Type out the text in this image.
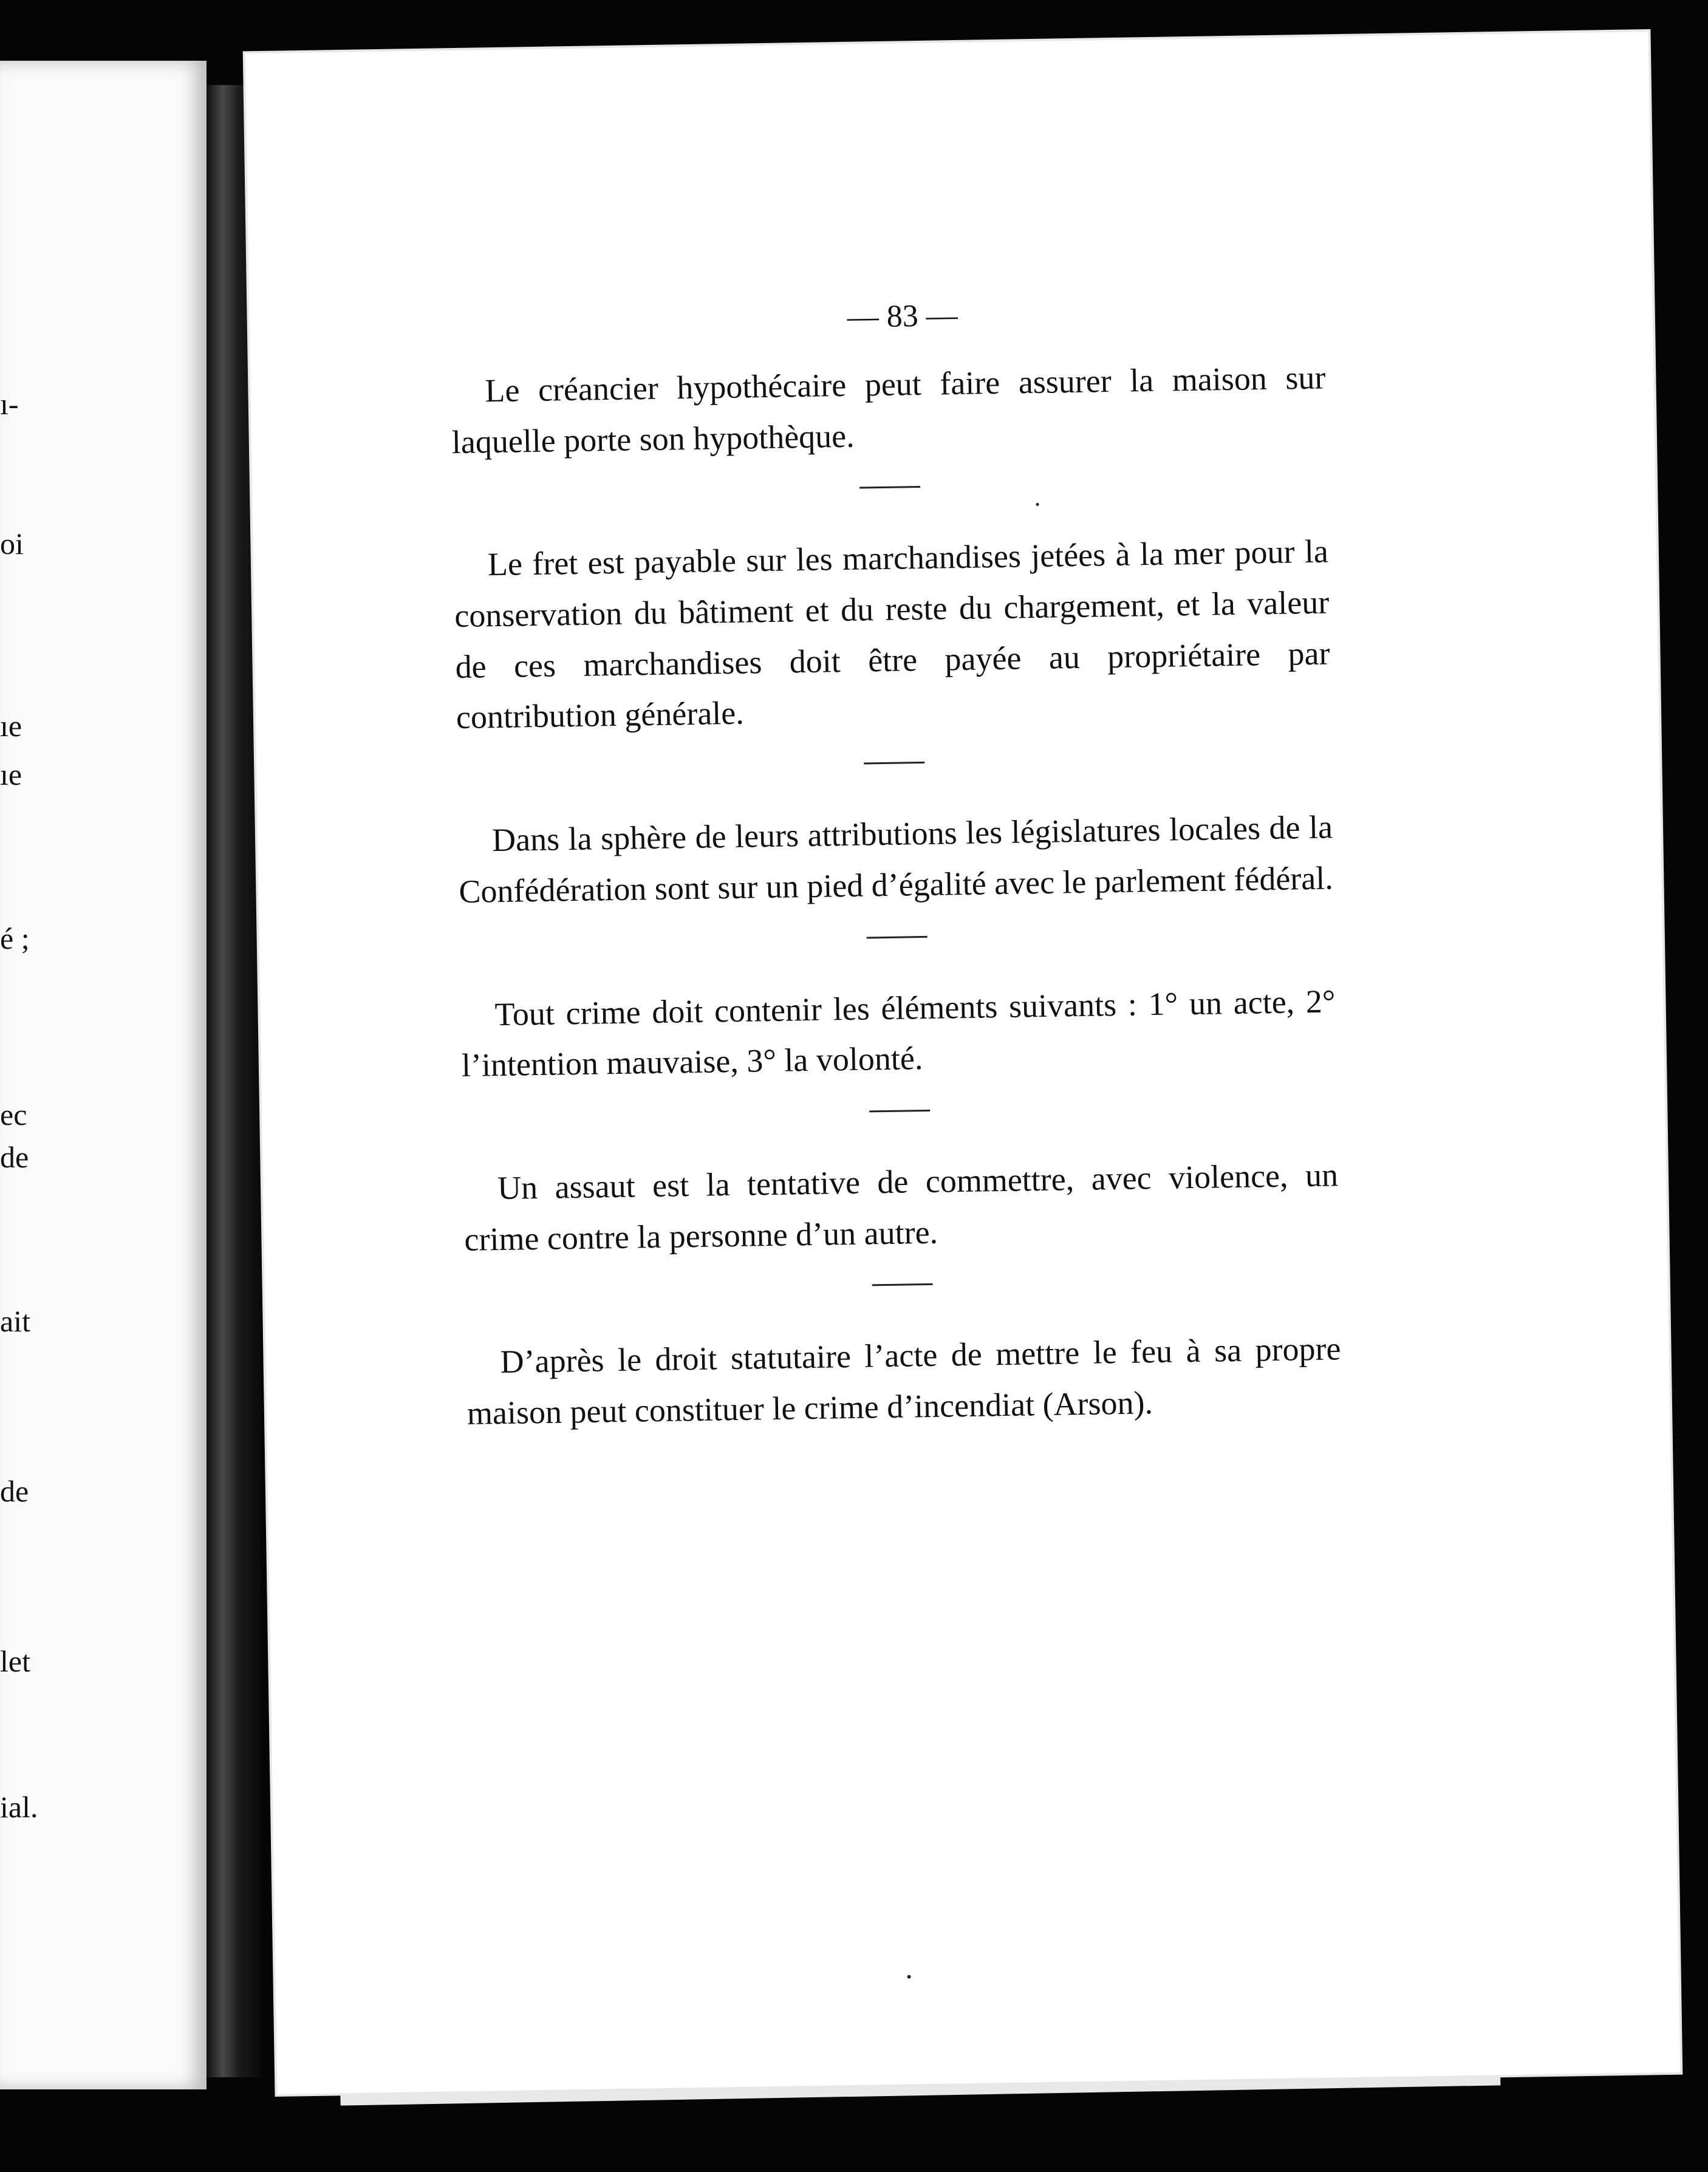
ı-
oi
ıe
ıe
é ;
ec
de
ait
de
let
ial.
— 83 —

Le créancier hypothécaire peut faire assurer la maison sur laquelle porte son hypothèque.

Le fret est payable sur les marchandises jetées à la mer pour la conservation du bâtiment et du reste du chargement, et la valeur de ces marchandises doit être payée au propriétaire par contribution générale.

Dans la sphère de leurs attributions les législatures locales de la Confédération sont sur un pied d’égalité avec le parlement fédéral.

Tout crime doit contenir les éléments suivants : 1° un acte, 2° l’intention mauvaise, 3° la volonté.

Un assaut est la tentative de commettre, avec violence, un crime contre la personne d’un autre.

D’après le droit statutaire l’acte de mettre le feu à sa propre maison peut constituer le crime d’incendiat (Arson).
